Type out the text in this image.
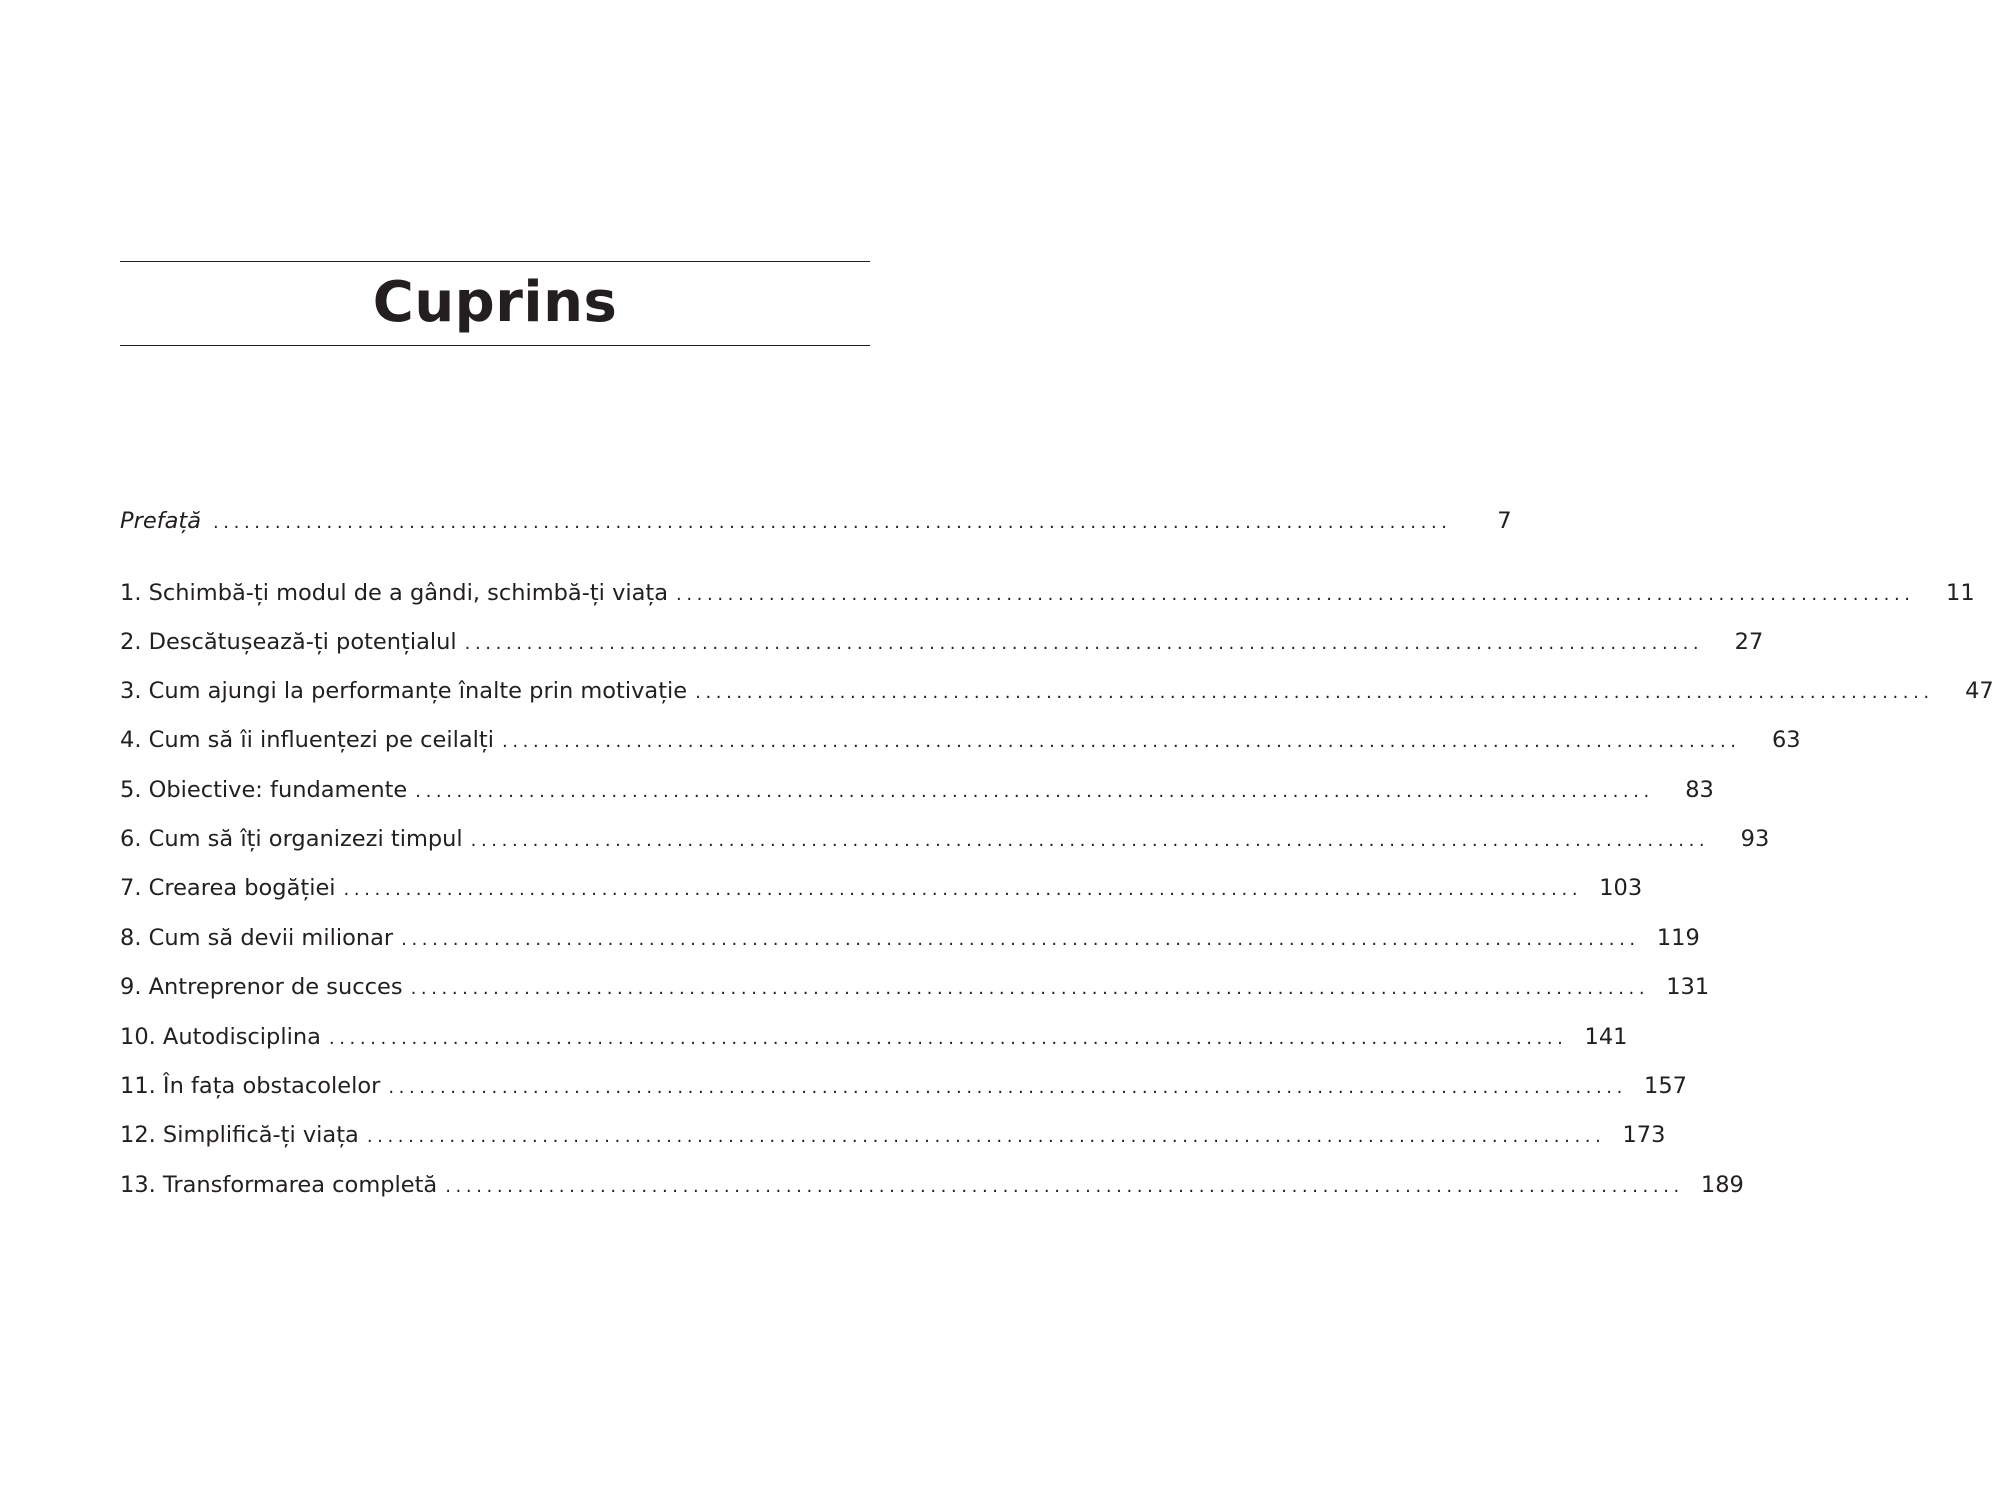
Cuprins
Prefață ........................................................................................................................	7
1. Schimbă-ți modul de a gândi, schimbă-ți viața ........................................................................................................................	11
2. Descătușează-ți potențialul ........................................................................................................................	27
3. Cum ajungi la performanțe înalte prin motivație ........................................................................................................................	47
4. Cum să îi influențezi pe ceilalți ........................................................................................................................	63
5. Obiective: fundamente ........................................................................................................................	83
6. Cum să îți organizezi timpul ........................................................................................................................	93
7. Crearea bogăției ........................................................................................................................ 103
8. Cum să devii milionar ........................................................................................................................ 119
9. Antreprenor de succes ........................................................................................................................ 131
10. Autodisciplina ........................................................................................................................ 141
11. În fața obstacolelor ........................................................................................................................ 157
12. Simplifică-ți viața ........................................................................................................................ 173
13. Transformarea completă ........................................................................................................................ 189
